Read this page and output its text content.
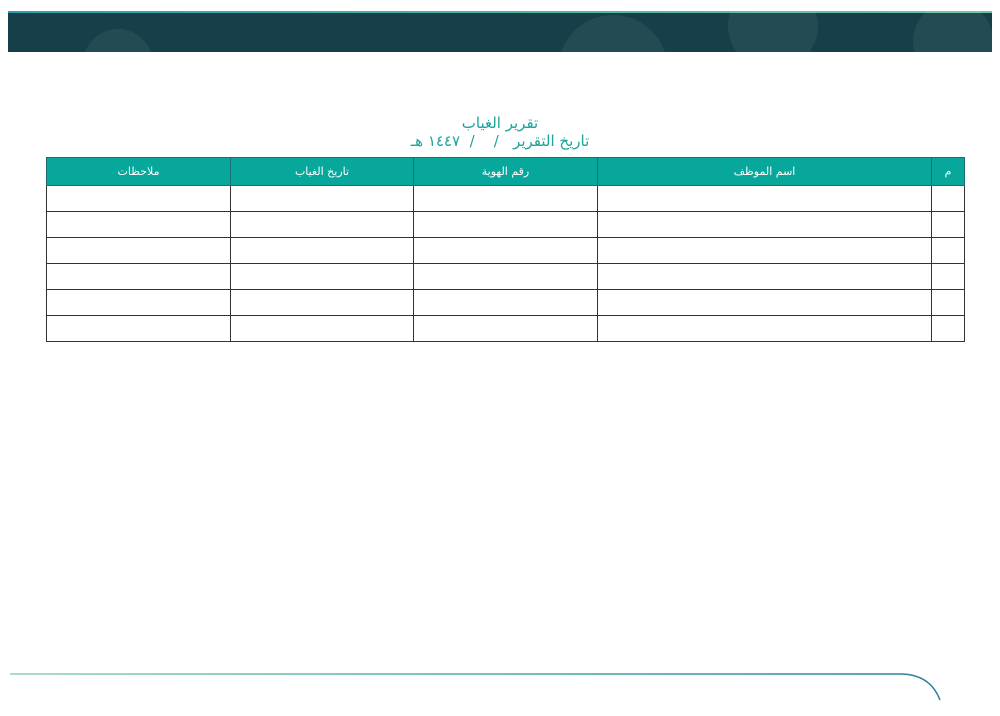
تقرير الغياب

تاريخ التقرير   /    /  ١٤٤٧ هـ

م	اسم الموظف	رقم الهوية	تاريخ الغياب	ملاحظات
